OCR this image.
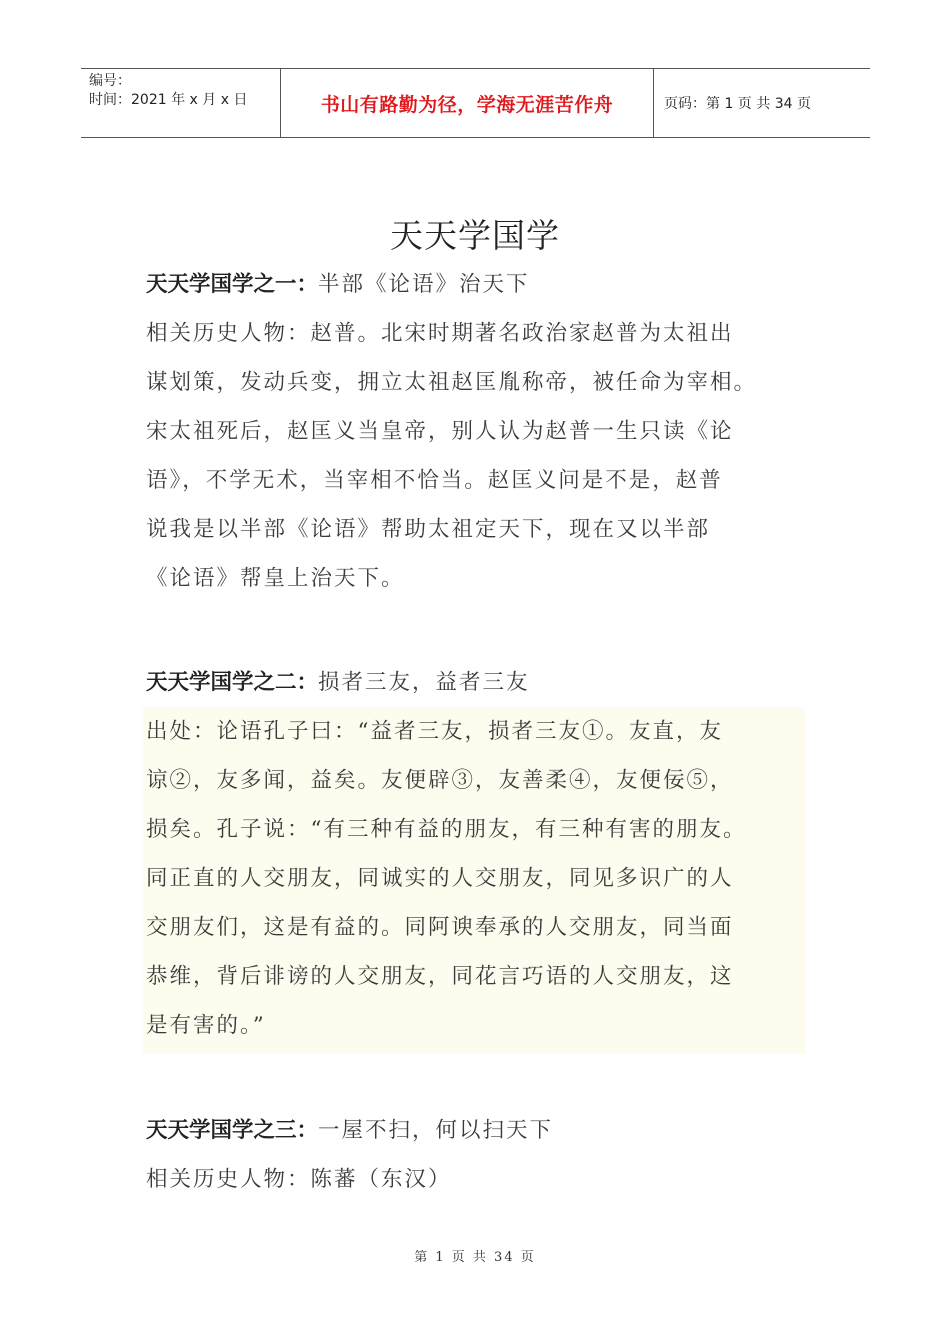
编号：
时间：2021 年 x 月 x 日	书山有路勤为径，学海无涯苦作舟	页码：第 1 页 共 34 页
天天学国学
天天学国学之一：半部《论语》治天下
相关历史人物：赵普。北宋时期著名政治家赵普为太祖出
谋划策，发动兵变，拥立太祖赵匡胤称帝，被任命为宰相。
宋太祖死后，赵匡义当皇帝，别人认为赵普一生只读《论
语》，不学无术，当宰相不恰当。赵匡义问是不是，赵普
说我是以半部《论语》帮助太祖定天下，现在又以半部
《论语》帮皇上治天下。
天天学国学之二：损者三友，益者三友
出处：论语孔子曰：“益者三友，损者三友①。友直，友
谅②，友多闻，益矣。友便辟③，友善柔④，友便佞⑤，
损矣。孔子说：“有三种有益的朋友，有三种有害的朋友。
同正直的人交朋友，同诚实的人交朋友，同见多识广的人
交朋友们，这是有益的。同阿谀奉承的人交朋友，同当面
恭维，背后诽谤的人交朋友，同花言巧语的人交朋友，这
是有害的。”
天天学国学之三：一屋不扫，何以扫天下
相关历史人物：陈蕃（东汉）
第 1 页 共 34 页
